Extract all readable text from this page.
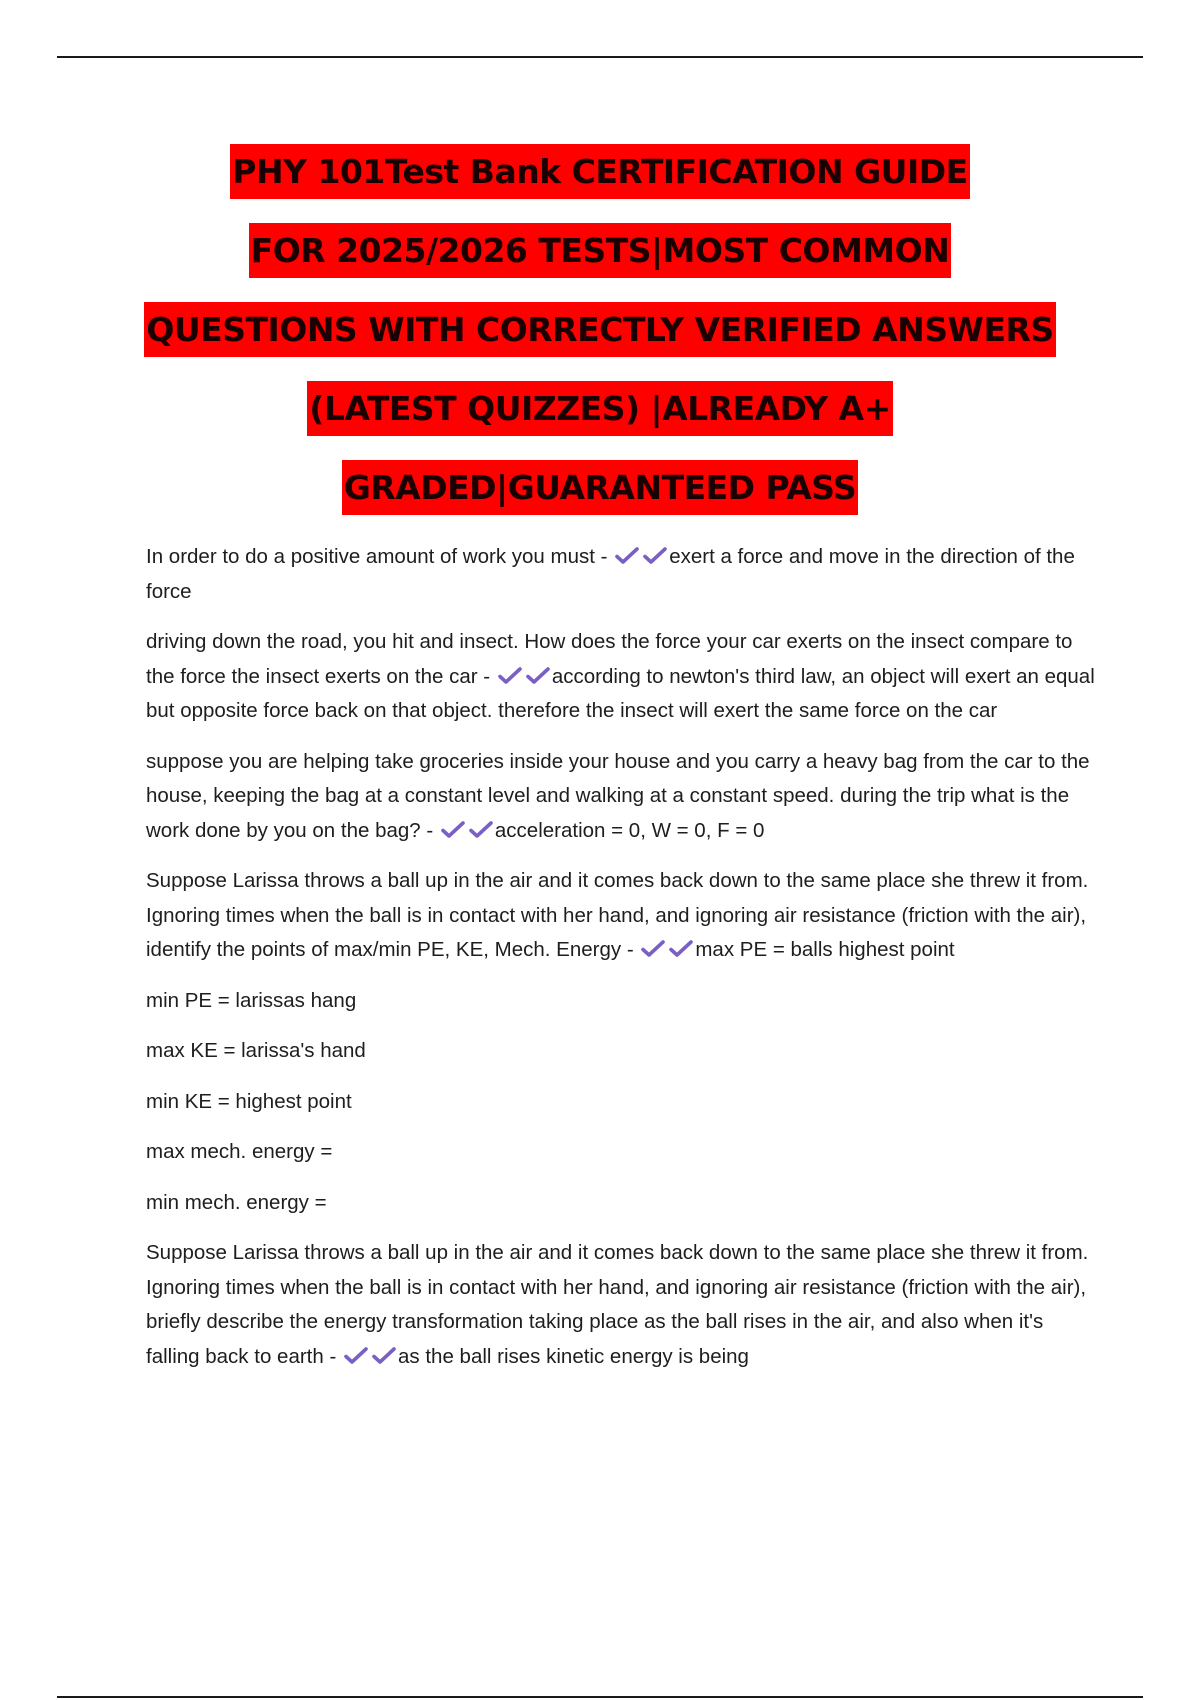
PHY 101Test Bank CERTIFICATION GUIDE
FOR 2025/2026 TESTS|MOST COMMON
QUESTIONS WITH CORRECTLY VERIFIED ANSWERS
(LATEST QUIZZES) |ALREADY A+
GRADED|GUARANTEED PASS

In order to do a positive amount of work you must -	exert a force and move in the direction of the force

driving down the road, you hit and insect. How does the force your car exerts on the insect compare to the force the insect exerts on the car -	according to newton's third law, an object will exert an equal but opposite force back on that object. therefore the insect will exert the same force on the car

suppose you are helping take groceries inside your house and you carry a heavy bag from the car to the house, keeping the bag at a constant level and walking at a constant speed. during the trip what is the work done by you on the bag? -	acceleration = 0, W = 0, F = 0

Suppose Larissa throws a ball up in the air and it comes back down to the same place she threw it from. Ignoring times when the ball is in contact with her hand, and ignoring air resistance (friction with the air), identify the points of max/min PE, KE, Mech. Energy -	max PE = balls highest point

min PE = larissas hang

max KE = larissa's hand

min KE = highest point

max mech. energy =

min mech. energy =

Suppose Larissa throws a ball up in the air and it comes back down to the same place she threw it from. Ignoring times when the ball is in contact with her hand, and ignoring air resistance (friction with the air), briefly describe the energy transformation taking place as the ball rises in the air, and also when it's falling back to earth -	as the ball rises kinetic energy is being
